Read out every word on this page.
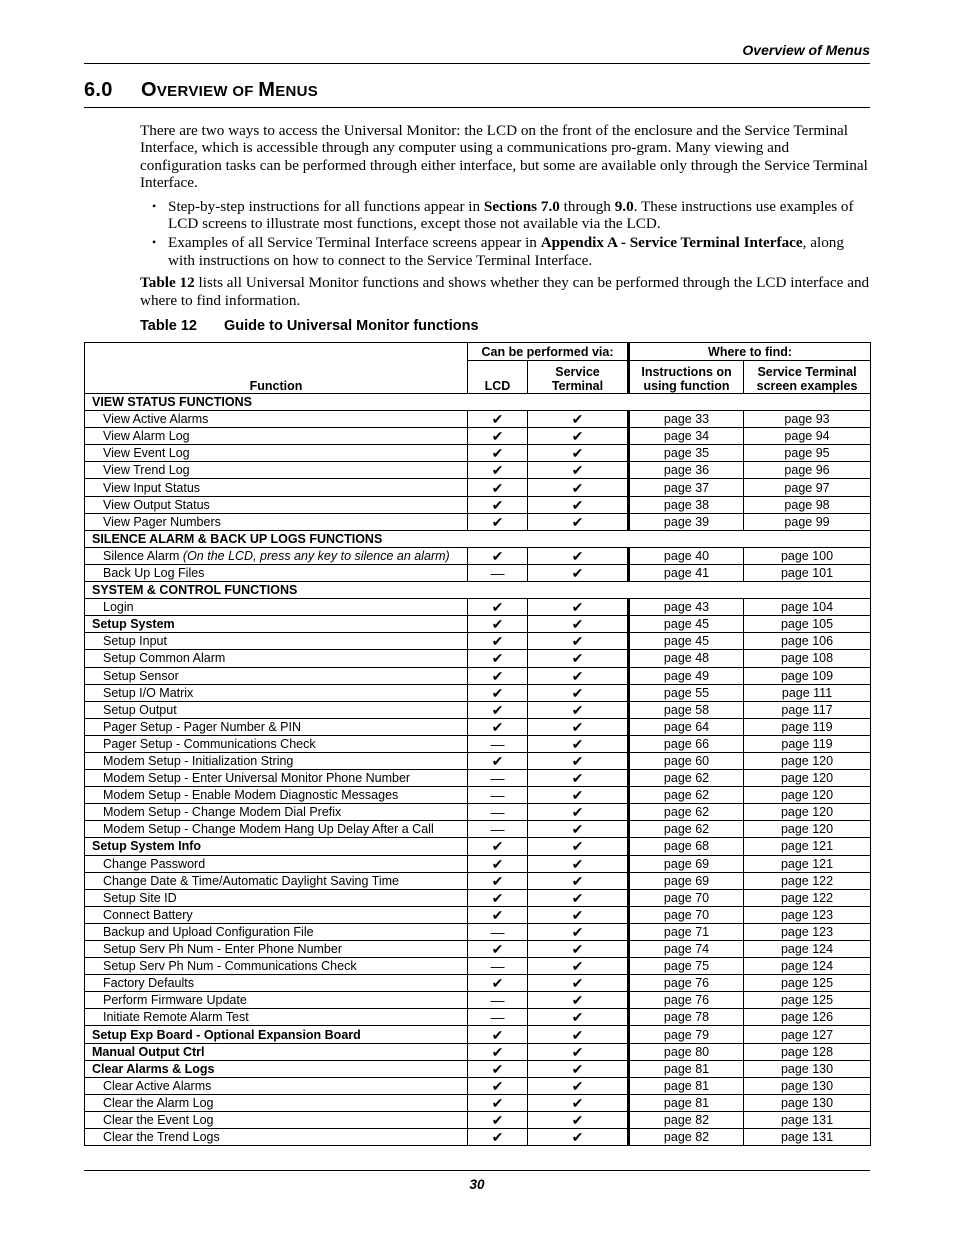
Overview of Menus
6.0 OVERVIEW OF MENUS

There are two ways to access the Universal Monitor: the LCD on the front of the enclosure and the Service Terminal Interface, which is accessible through any computer using a communications pro-gram. Many viewing and configuration tasks can be performed through either interface, but some are available only through the Service Terminal Interface.

• Step-by-step instructions for all functions appear in Sections 7.0 through 9.0. These instructions use examples of LCD screens to illustrate most functions, except those not available via the LCD.
• Examples of all Service Terminal Interface screens appear in Appendix A - Service Terminal Interface, along with instructions on how to connect to the Service Terminal Interface.

Table 12 lists all Universal Monitor functions and shows whether they can be performed through the LCD interface and where to find information.

Table 12 Guide to Universal Monitor functions
	Can be performed via:		Where to find:	
Function	LCD	Service Terminal	Instructions on using function	Service Terminal screen examples
VIEW STATUS FUNCTIONS				
View Active Alarms	✔	✔	page 33	page 93
View Alarm Log	✔	✔	page 34	page 94
View Event Log	✔	✔	page 35	page 95
View Trend Log	✔	✔	page 36	page 96
View Input Status	✔	✔	page 37	page 97
View Output Status	✔	✔	page 38	page 98
View Pager Numbers	✔	✔	page 39	page 99
SILENCE ALARM & BACK UP LOGS FUNCTIONS				
Silence Alarm (On the LCD, press any key to silence an alarm)	✔	✔	page 40	page 100
Back Up Log Files	—	✔	page 41	page 101
SYSTEM & CONTROL FUNCTIONS				
Login	✔	✔	page 43	page 104
Setup System	✔	✔	page 45	page 105
Setup Input	✔	✔	page 45	page 106
Setup Common Alarm	✔	✔	page 48	page 108
Setup Sensor	✔	✔	page 49	page 109
Setup I/O Matrix	✔	✔	page 55	page 111
Setup Output	✔	✔	page 58	page 117
Pager Setup - Pager Number & PIN	✔	✔	page 64	page 119
Pager Setup - Communications Check	—	✔	page 66	page 119
Modem Setup - Initialization String	✔	✔	page 60	page 120
Modem Setup - Enter Universal Monitor Phone Number	—	✔	page 62	page 120
Modem Setup - Enable Modem Diagnostic Messages	—	✔	page 62	page 120
Modem Setup - Change Modem Dial Prefix	—	✔	page 62	page 120
Modem Setup - Change Modem Hang Up Delay After a Call	—	✔	page 62	page 120
Setup System Info	✔	✔	page 68	page 121
Change Password	✔	✔	page 69	page 121
Change Date & Time/Automatic Daylight Saving Time	✔	✔	page 69	page 122
Setup Site ID	✔	✔	page 70	page 122
Connect Battery	✔	✔	page 70	page 123
Backup and Upload Configuration File	—	✔	page 71	page 123
Setup Serv Ph Num - Enter Phone Number	✔	✔	page 74	page 124
Setup Serv Ph Num - Communications Check	—	✔	page 75	page 124
Factory Defaults	✔	✔	page 76	page 125
Perform Firmware Update	—	✔	page 76	page 125
Initiate Remote Alarm Test	—	✔	page 78	page 126
Setup Exp Board - Optional Expansion Board	✔	✔	page 79	page 127
Manual Output Ctrl	✔	✔	page 80	page 128
Clear Alarms & Logs	✔	✔	page 81	page 130
Clear Active Alarms	✔	✔	page 81	page 130
Clear the Alarm Log	✔	✔	page 81	page 130
Clear the Event Log	✔	✔	page 82	page 131
Clear the Trend Logs	✔	✔	page 82	page 131
30
